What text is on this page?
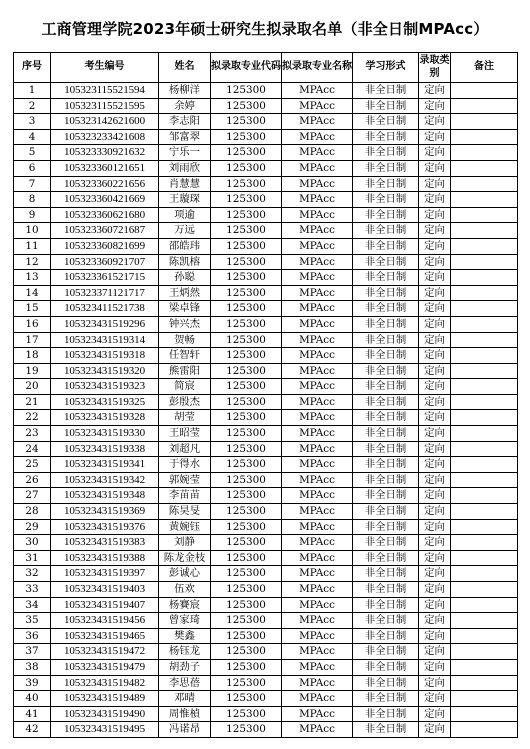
工商管理学院2023年硕士研究生拟录取名单（非全日制MPAcc）
序号	考生编号	姓名	拟录取专业代码	拟录取专业名称	学习形式	录取类别	备注
1	105323115521594	杨柳洋	125300	MPAcc	非全日制	定向	
2	105323115521595	余婷	125300	MPAcc	非全日制	定向	
3	105323142621600	李志阳	125300	MPAcc	非全日制	定向	
4	105323233421608	邹富翠	125300	MPAcc	非全日制	定向	
5	105323330921632	宁乐一	125300	MPAcc	非全日制	定向	
6	105323360121651	刘雨欣	125300	MPAcc	非全日制	定向	
7	105323360221656	肖慧慧	125300	MPAcc	非全日制	定向	
8	105323360421669	王璇琛	125300	MPAcc	非全日制	定向	
9	105323360621680	项逾	125300	MPAcc	非全日制	定向	
10	105323360721687	万远	125300	MPAcc	非全日制	定向	
11	105323360821699	邵皓玮	125300	MPAcc	非全日制	定向	
12	105323360921707	陈凯榕	125300	MPAcc	非全日制	定向	
13	105323361521715	孙聪	125300	MPAcc	非全日制	定向	
14	105323371121717	王炳然	125300	MPAcc	非全日制	定向	
15	105323411521738	梁卓锋	125300	MPAcc	非全日制	定向	
16	105323431519296	钟兴杰	125300	MPAcc	非全日制	定向	
17	105323431519314	贺畅	125300	MPAcc	非全日制	定向	
18	105323431519318	任智轩	125300	MPAcc	非全日制	定向	
19	105323431519320	熊雷阳	125300	MPAcc	非全日制	定向	
20	105323431519323	简宸	125300	MPAcc	非全日制	定向	
21	105323431519325	彭殷杰	125300	MPAcc	非全日制	定向	
22	105323431519328	胡莹	125300	MPAcc	非全日制	定向	
23	105323431519330	王昭莹	125300	MPAcc	非全日制	定向	
24	105323431519338	刘超凡	125300	MPAcc	非全日制	定向	
25	105323431519341	于得水	125300	MPAcc	非全日制	定向	
26	105323431519342	郭婉莹	125300	MPAcc	非全日制	定向	
27	105323431519348	李苗苗	125300	MPAcc	非全日制	定向	
28	105323431519369	陈昊旻	125300	MPAcc	非全日制	定向	
29	105323431519376	黄婉钰	125300	MPAcc	非全日制	定向	
30	105323431519383	刘静	125300	MPAcc	非全日制	定向	
31	105323431519388	陈龙金枝	125300	MPAcc	非全日制	定向	
32	105323431519397	彭诚心	125300	MPAcc	非全日制	定向	
33	105323431519403	伍欢	125300	MPAcc	非全日制	定向	
34	105323431519407	杨賽宸	125300	MPAcc	非全日制	定向	
35	105323431519456	曾家琦	125300	MPAcc	非全日制	定向	
36	105323431519465	樊鑫	125300	MPAcc	非全日制	定向	
37	105323431519472	杨钰龙	125300	MPAcc	非全日制	定向	
38	105323431519479	胡劲子	125300	MPAcc	非全日制	定向	
39	105323431519482	李思蓓	125300	MPAcc	非全日制	定向	
40	105323431519489	邓晴	125300	MPAcc	非全日制	定向	
41	105323431519490	周惟楨	125300	MPAcc	非全日制	定向	
42	105323431519495	冯诺昂	125300	MPAcc	非全日制	定向	
